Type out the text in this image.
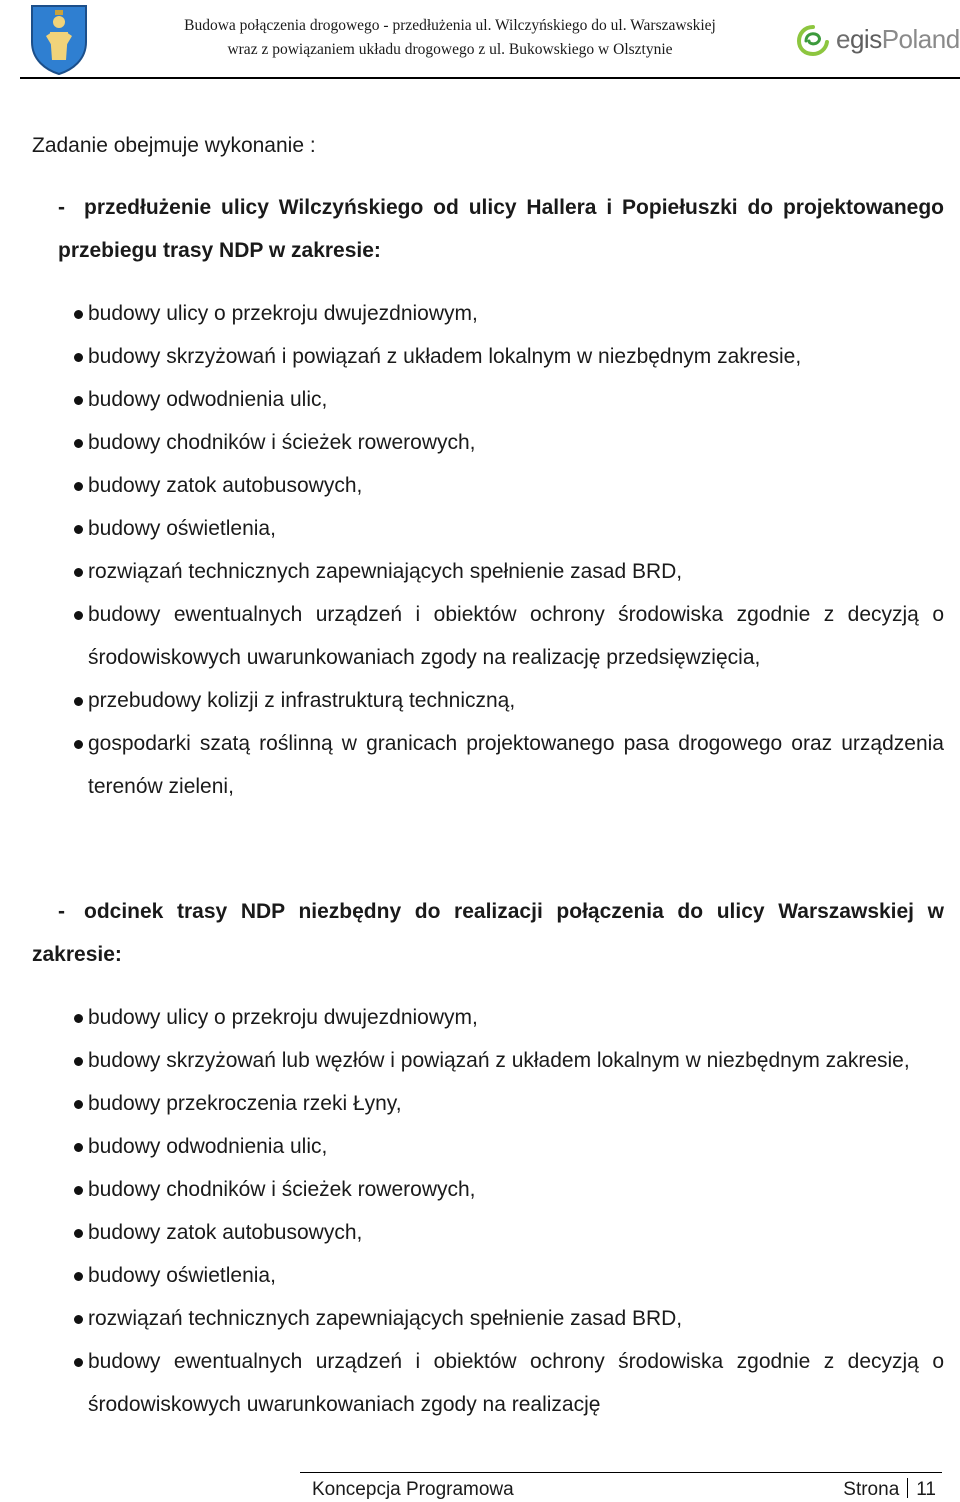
Budowa połączenia drogowego - przedłużenia ul. Wilczyńskiego do ul. Warszawskiej
wraz z powiązaniem układu drogowego z ul. Bukowskiego w Olsztynie	egisPoland

Zadanie obejmuje wykonanie :

- przedłużenie ulicy Wilczyńskiego od ulicy Hallera i Popiełuszki do projektowanego przebiegu trasy NDP w zakresie:

budowy ulicy o przekroju dwujezdniowym,
budowy skrzyżowań i powiązań z układem lokalnym w niezbędnym zakresie,
budowy odwodnienia ulic,
budowy chodników i ścieżek rowerowych,
budowy zatok autobusowych,
budowy oświetlenia,
rozwiązań technicznych zapewniających spełnienie zasad BRD,
budowy ewentualnych urządzeń i obiektów ochrony środowiska zgodnie z decyzją o środowiskowych uwarunkowaniach zgody na realizację przedsięwzięcia,
przebudowy kolizji z infrastrukturą techniczną,
gospodarki szatą roślinną w granicach projektowanego pasa drogowego oraz urządzenia terenów zieleni,

- odcinek trasy NDP niezbędny do realizacji połączenia do ulicy Warszawskiej w zakresie:

budowy ulicy o przekroju dwujezdniowym,
budowy skrzyżowań lub węzłów i powiązań z układem lokalnym w niezbędnym zakresie,
budowy przekroczenia rzeki Łyny,
budowy odwodnienia ulic,
budowy chodników i ścieżek rowerowych,
budowy zatok autobusowych,
budowy oświetlenia,
rozwiązań technicznych zapewniających spełnienie zasad BRD,
budowy ewentualnych urządzeń i obiektów ochrony środowiska zgodnie z decyzją o środowiskowych uwarunkowaniach zgody na realizację
Koncepcja Programowa	Strona 11
